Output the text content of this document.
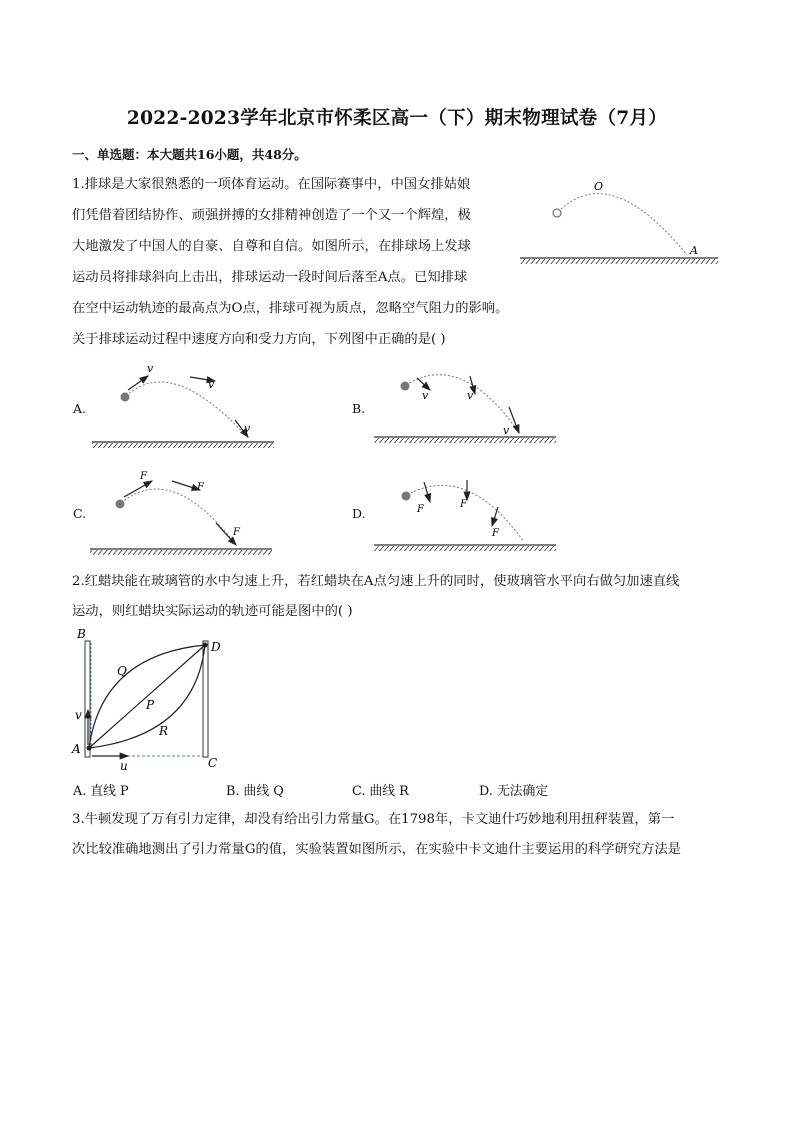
2022-2023学年北京市怀柔区高一（下）期末物理试卷（7月）
一、单选题：本大题共16小题，共48分。
1.排球是大家很熟悉的一项体育运动。在国际赛事中，中国女排姑娘
们凭借着团结协作、顽强拼搏的女排精神创造了一个又一个辉煌，极
大地激发了中国人的自豪、自尊和自信。如图所示，在排球场上发球
运动员将排球斜向上击出，排球运动一段时间后落至A点。已知排球
在空中运动轨迹的最高点为O点，排球可视为质点，忽略空气阻力的影响。
关于排球运动过程中速度方向和受力方向，下列图中正确的是( )
O
A
A.
v
v
v
B.
v	v
v
C.
F
F
F
D.	F	F
F
2.红蜡块能在玻璃管的水中匀速上升，若红蜡块在A点匀速上升的同时，使玻璃管水平向右做匀加速直线
运动，则红蜡块实际运动的轨迹可能是图中的( )
B
D
Q
P
R
v
A
C
u
A. 直线 P	B. 曲线 Q	C. 曲线 R	D. 无法确定
3.牛顿发现了万有引力定律，却没有给出引力常量G。在1798年，卡文迪什巧妙地利用扭秤装置，第一
次比较准确地测出了引力常量G的值，实验装置如图所示，在实验中卡文迪什主要运用的科学研究方法是
